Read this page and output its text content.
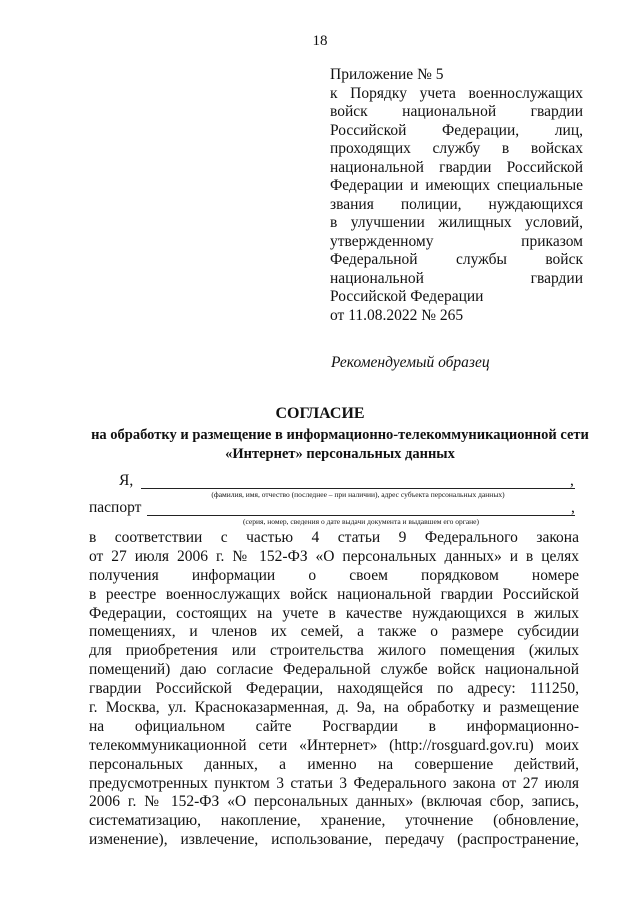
18
Приложение № 5
к Порядку учета военнослужащих
войск национальной гвардии
Российской Федерации, лиц,
проходящих службу в войсках
национальной гвардии Российской
Федерации и имеющих специальные
звания полиции, нуждающихся
в улучшении жилищных условий,
утвержденному приказом
Федеральной службы войск
национальной гвардии
Российской Федерации
от 11.08.2022 № 265
Рекомендуемый образец
СОГЛАСИЕ
на обработку и размещение в информационно-телекоммуникационной сети
«Интернет» персональных данных
Я,	,
(фамилия, имя, отчество (последнее – при наличии), адрес субъекта персональных данных)
паспорт	,
(серия, номер, сведения о дате выдачи документа и выдавшем его органе)
в соответствии с частью 4 статьи 9 Федерального закона
от 27 июля 2006 г. № 152-ФЗ «О персональных данных» и в целях
получения информации о своем порядковом номере
в реестре военнослужащих войск национальной гвардии Российской
Федерации, состоящих на учете в качестве нуждающихся в жилых
помещениях, и членов их семей, а также о размере субсидии
для приобретения или строительства жилого помещения (жилых
помещений) даю согласие Федеральной службе войск национальной
гвардии Российской Федерации, находящейся по адресу: 111250,
г. Москва, ул. Красноказарменная, д. 9а, на обработку и размещение
на официальном сайте Росгвардии в информационно-
телекоммуникационной сети «Интернет» (http://rosguard.gov.ru) моих
персональных данных, а именно на совершение действий,
предусмотренных пунктом 3 статьи 3 Федерального закона от 27 июля
2006 г. № 152-ФЗ «О персональных данных» (включая сбор, запись,
систематизацию, накопление, хранение, уточнение (обновление,
изменение), извлечение, использование, передачу (распространение,
